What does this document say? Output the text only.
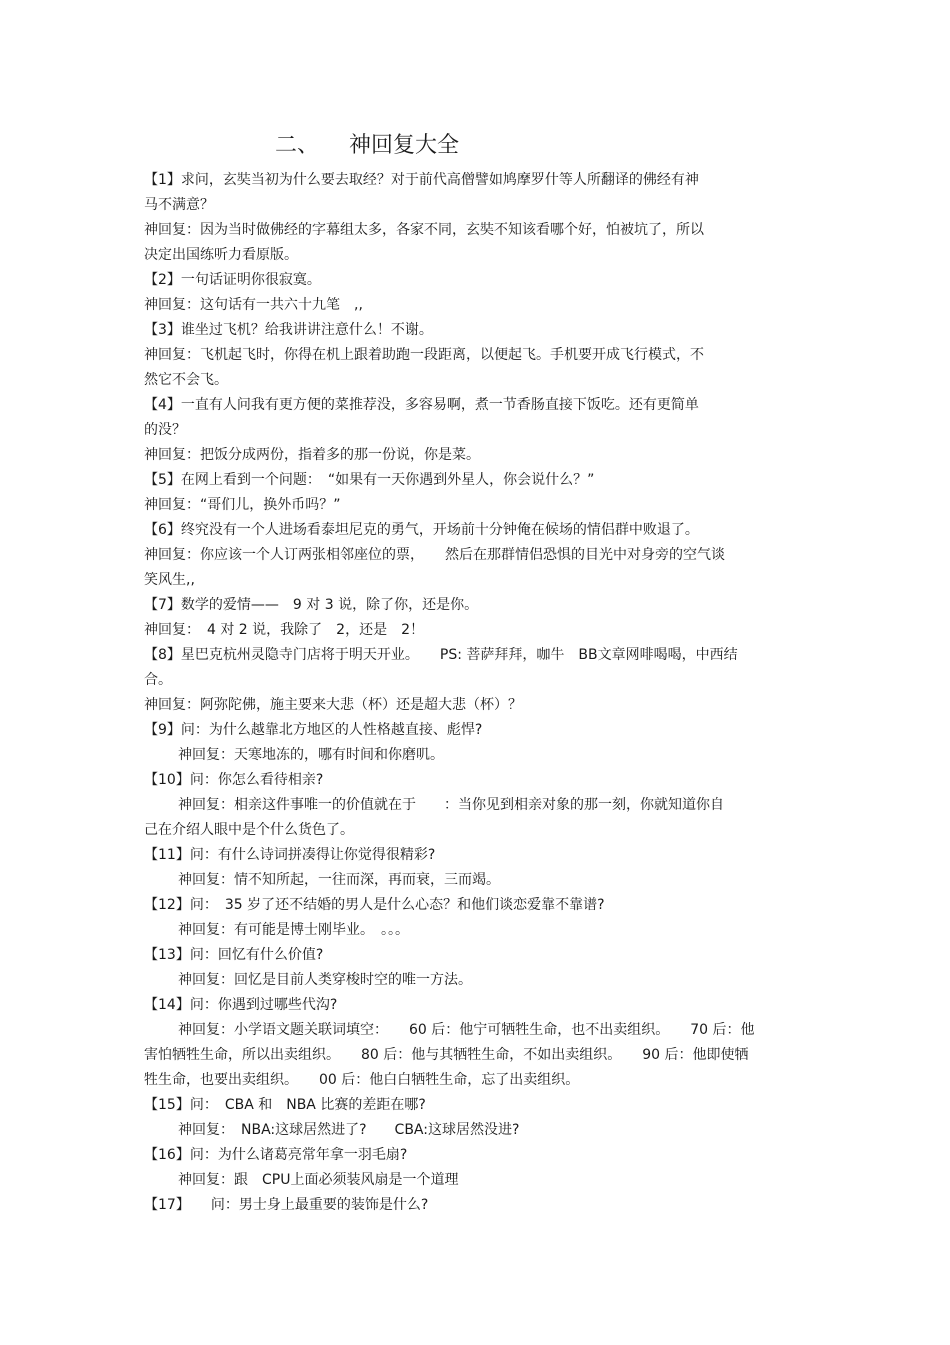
二、 神回复大全
【1】求问，玄奘当初为什么要去取经？对于前代高僧譬如鸠摩罗什等人所翻译的佛经有神
马不满意？
神回复：因为当时做佛经的字幕组太多，各家不同，玄奘不知该看哪个好，怕被坑了，所以
决定出国练听力看原版。
【2】一句话证明你很寂寞。
神回复：这句话有一共六十九笔　,,
【3】谁坐过飞机？给我讲讲注意什么！不谢。
神回复：飞机起飞时，你得在机上跟着助跑一段距离，以便起飞。手机要开成飞行模式，不
然它不会飞。
【4】一直有人问我有更方便的菜推荐没，多容易啊，煮一节香肠直接下饭吃。还有更简单
的没？
神回复：把饭分成两份，指着多的那一份说，你是菜。
【5】在网上看到一个问题：　“如果有一天你遇到外星人，你会说什么？”
神回复：“哥们儿，换外币吗？”
【6】终究没有一个人进场看泰坦尼克的勇气，开场前十分钟俺在候场的情侣群中败退了。
神回复：你应该一个人订两张相邻座位的票，　　然后在那群情侣恐惧的目光中对身旁的空气谈
笑风生,,
【7】数学的爱情——　9 对 3 说，除了你，还是你。
神回复：　4 对 2 说，我除了　2，还是　2！
【8】星巴克杭州灵隐寺门店将于明天开业。　　PS: 菩萨拜拜，咖牛　BB文章网啡喝喝，中西结
合。
神回复：阿弥陀佛，施主要来大悲（杯）还是超大悲（杯）？
【9】问：为什么越靠北方地区的人性格越直接、彪悍?
神回复：天寒地冻的，哪有时间和你磨叽。
【10】问：你怎么看待相亲?
神回复：相亲这件事唯一的价值就在于　　：当你见到相亲对象的那一刻，你就知道你自
己在介绍人眼中是个什么货色了。
【11】问：有什么诗词拼凑得让你觉得很精彩?
神回复：情不知所起，一往而深，再而衰，三而竭。
【12】问：　35 岁了还不结婚的男人是什么心态？和他们谈恋爱靠不靠谱?
神回复：有可能是博士刚毕业。　。。。
【13】问：回忆有什么价值?
神回复：回忆是目前人类穿梭时空的唯一方法。
【14】问：你遇到过哪些代沟?
神回复：小学语文题关联词填空：　　60 后：他宁可牺牲生命，也不出卖组织。　　70 后：他
害怕牺牲生命，所以出卖组织。　　80 后：他与其牺牲生命，不如出卖组织。　　90 后：他即使牺
牲生命，也要出卖组织。　　00 后：他白白牺牲生命，忘了出卖组织。
【15】问：　CBA 和　NBA 比赛的差距在哪?
神回复：　NBA:这球居然进了?　　CBA:这球居然没进?
【16】问：为什么诸葛亮常年拿一羽毛扇?
神回复：跟　CPU上面必须装风扇是一个道理
【17】　　问：男士身上最重要的装饰是什么?
